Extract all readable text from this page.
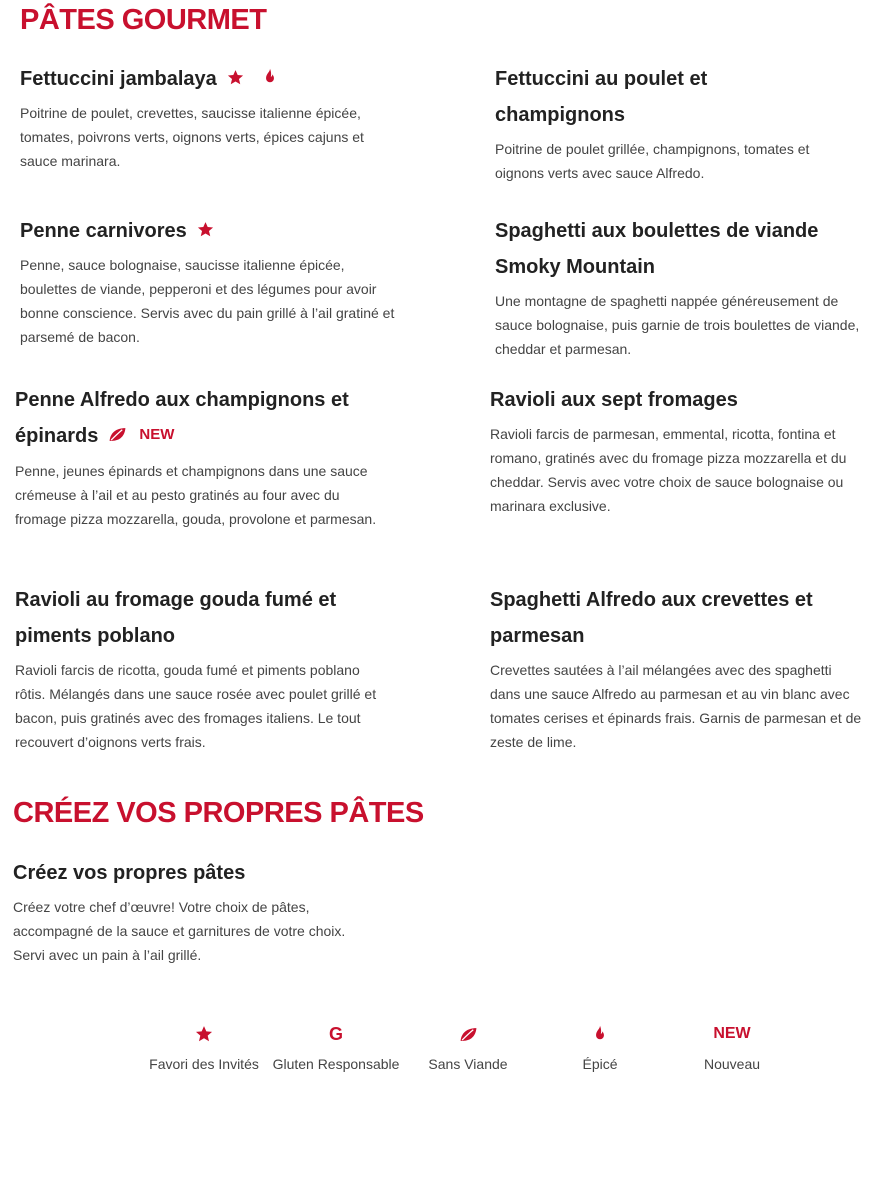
PÂTES GOURMET
Fettuccini jambalaya
Poitrine de poulet, crevettes, saucisse italienne épicée, tomates, poivrons verts, oignons verts, épices cajuns et sauce marinara.
Fettuccini au poulet et champignons
Poitrine de poulet grillée, champignons, tomates et oignons verts avec sauce Alfredo.
Penne carnivores
Penne, sauce bolognaise, saucisse italienne épicée, boulettes de viande, pepperoni et des légumes pour avoir bonne conscience. Servis avec du pain grillé à l’ail gratiné et parsemé de bacon.
Spaghetti aux boulettes de viande Smoky Mountain
Une montagne de spaghetti nappée généreusement de sauce bolognaise, puis garnie de trois boulettes de viande, cheddar et parmesan.
Penne Alfredo aux champignons et épinards	NEW
Penne, jeunes épinards et champignons dans une sauce crémeuse à l’ail et au pesto gratinés au four avec du fromage pizza mozzarella, gouda, provolone et parmesan.
Ravioli aux sept fromages
Ravioli farcis de parmesan, emmental, ricotta, fontina et romano, gratinés avec du fromage pizza mozzarella et du cheddar. Servis avec votre choix de sauce bolognaise ou marinara exclusive.
Ravioli au fromage gouda fumé et piments poblano
Ravioli farcis de ricotta, gouda fumé et piments poblano rôtis. Mélangés dans une sauce rosée avec poulet grillé et bacon, puis gratinés avec des fromages italiens. Le tout recouvert d’oignons verts frais.
Spaghetti Alfredo aux crevettes et parmesan
Crevettes sautées à l’ail mélangées avec des spaghetti dans une sauce Alfredo au parmesan et au vin blanc avec tomates cerises et épinards frais. Garnis de parmesan et de zeste de lime.
CRÉEZ VOS PROPRES PÂTES
Créez vos propres pâtes
Créez votre chef d’œuvre! Votre choix de pâtes, accompagné de la sauce et garnitures de votre choix. Servi avec un pain à l’ail grillé.
Favori des Invités
G
Gluten Responsable	Sans Viande	Épicé
NEW
Nouveau
